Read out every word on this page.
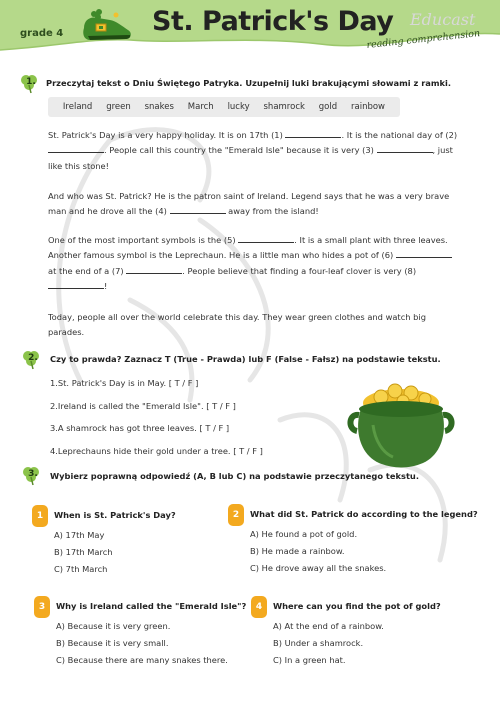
grade 4	St. Patrick's Day Educast
reading comprehension
1.	Przeczytaj tekst o Dniu Świętego Patryka. Uzupełnij luki brakującymi słowami z ramki.
Ireland green snakes March lucky shamrock gold rainbow
St. Patrick's Day is a very happy holiday. It is on 17th (1)	. It is the national day of (2) . People call this country the "Emerald Isle" because it is very (3)	, just like this stone!
And who was St. Patrick? He is the patron saint of Ireland. Legend says that he was a very brave man and he drove all the (4)	away from the island!
One of the most important symbols is the (5)	. It is a small plant with three leaves. Another famous symbol is the Leprechaun. He is a little man who hides a pot of (6)  at the end of a (7)	. People believe that finding a four-leaf clover is very (8) !
Today, people all over the world celebrate this day. They wear green clothes and watch big parades.
2.	Czy to prawda? Zaznacz T (True - Prawda) lub F (False - Fałsz) na podstawie tekstu.
1.St. Patrick's Day is in May. [ T / F ]
2.Ireland is called the "Emerald Isle". [ T / F ]
3.A shamrock has got three leaves. [ T / F ]
4.Leprechauns hide their gold under a tree. [ T / F ]
3.	Wybierz poprawną odpowiedź (A, B lub C) na podstawie przeczytanego tekstu.
1	When is St. Patrick's Day?
A) 17th May
B) 17th March
C) 7th March
2	What did St. Patrick do according to the legend?
A) He found a pot of gold.
B) He made a rainbow.
C) He drove away all the snakes.
3	Why is Ireland called the "Emerald Isle"?
A) Because it is very green.
B) Because it is very small.
C) Because there are many snakes there.
4	Where can you find the pot of gold?
A) At the end of a rainbow.
B) Under a shamrock.
C) In a green hat.
